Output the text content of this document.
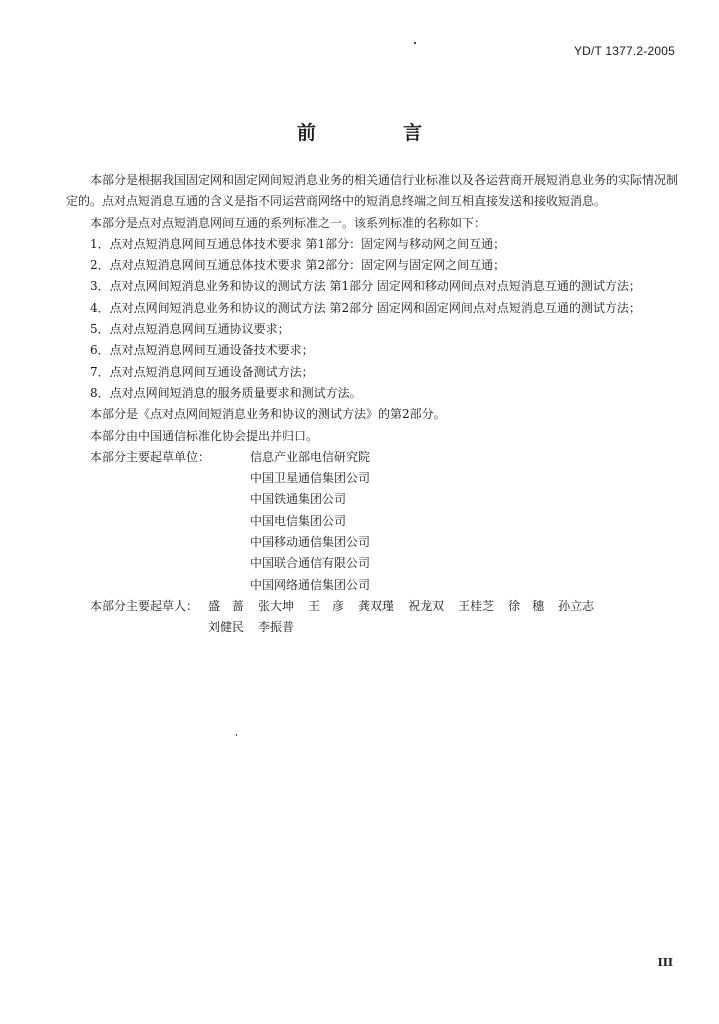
YD/T 1377.2-2005
前　言

本部分是根据我国固定网和固定网间短消息业务的相关通信行业标准以及各运营商开展短消息业务的实际情况制定的。点对点短消息互通的含义是指不同运营商网络中的短消息终端之间互相直接发送和接收短消息。

本部分是点对点短消息网间互通的系列标准之一。该系列标准的名称如下：

1．点对点短消息网间互通总体技术要求 第1部分：固定网与移动网之间互通；

2．点对点短消息网间互通总体技术要求 第2部分：固定网与固定网之间互通；

3．点对点网间短消息业务和协议的测试方法 第1部分 固定网和移动网间点对点短消息互通的测试方法；

4．点对点网间短消息业务和协议的测试方法 第2部分 固定网和固定网间点对点短消息互通的测试方法；

5．点对点短消息网间互通协议要求；

6．点对点短消息网间互通设备技术要求；

7．点对点短消息网间互通设备测试方法；

8．点对点网间短消息的服务质量要求和测试方法。

本部分是《点对点网间短消息业务和协议的测试方法》的第2部分。

本部分由中国通信标准化协会提出并归口。

本部分主要起草单位：	信息产业部电信研究院
中国卫星通信集团公司
中国铁通集团公司
中国电信集团公司
中国移动通信集团公司
中国联合通信有限公司
中国网络通信集团公司
本部分主要起草人： 盛　蔷 张大坤 王　彦 龚双瑾 祝龙双 王桂芝 徐　穗 孙立志
刘健民 李振普
III
